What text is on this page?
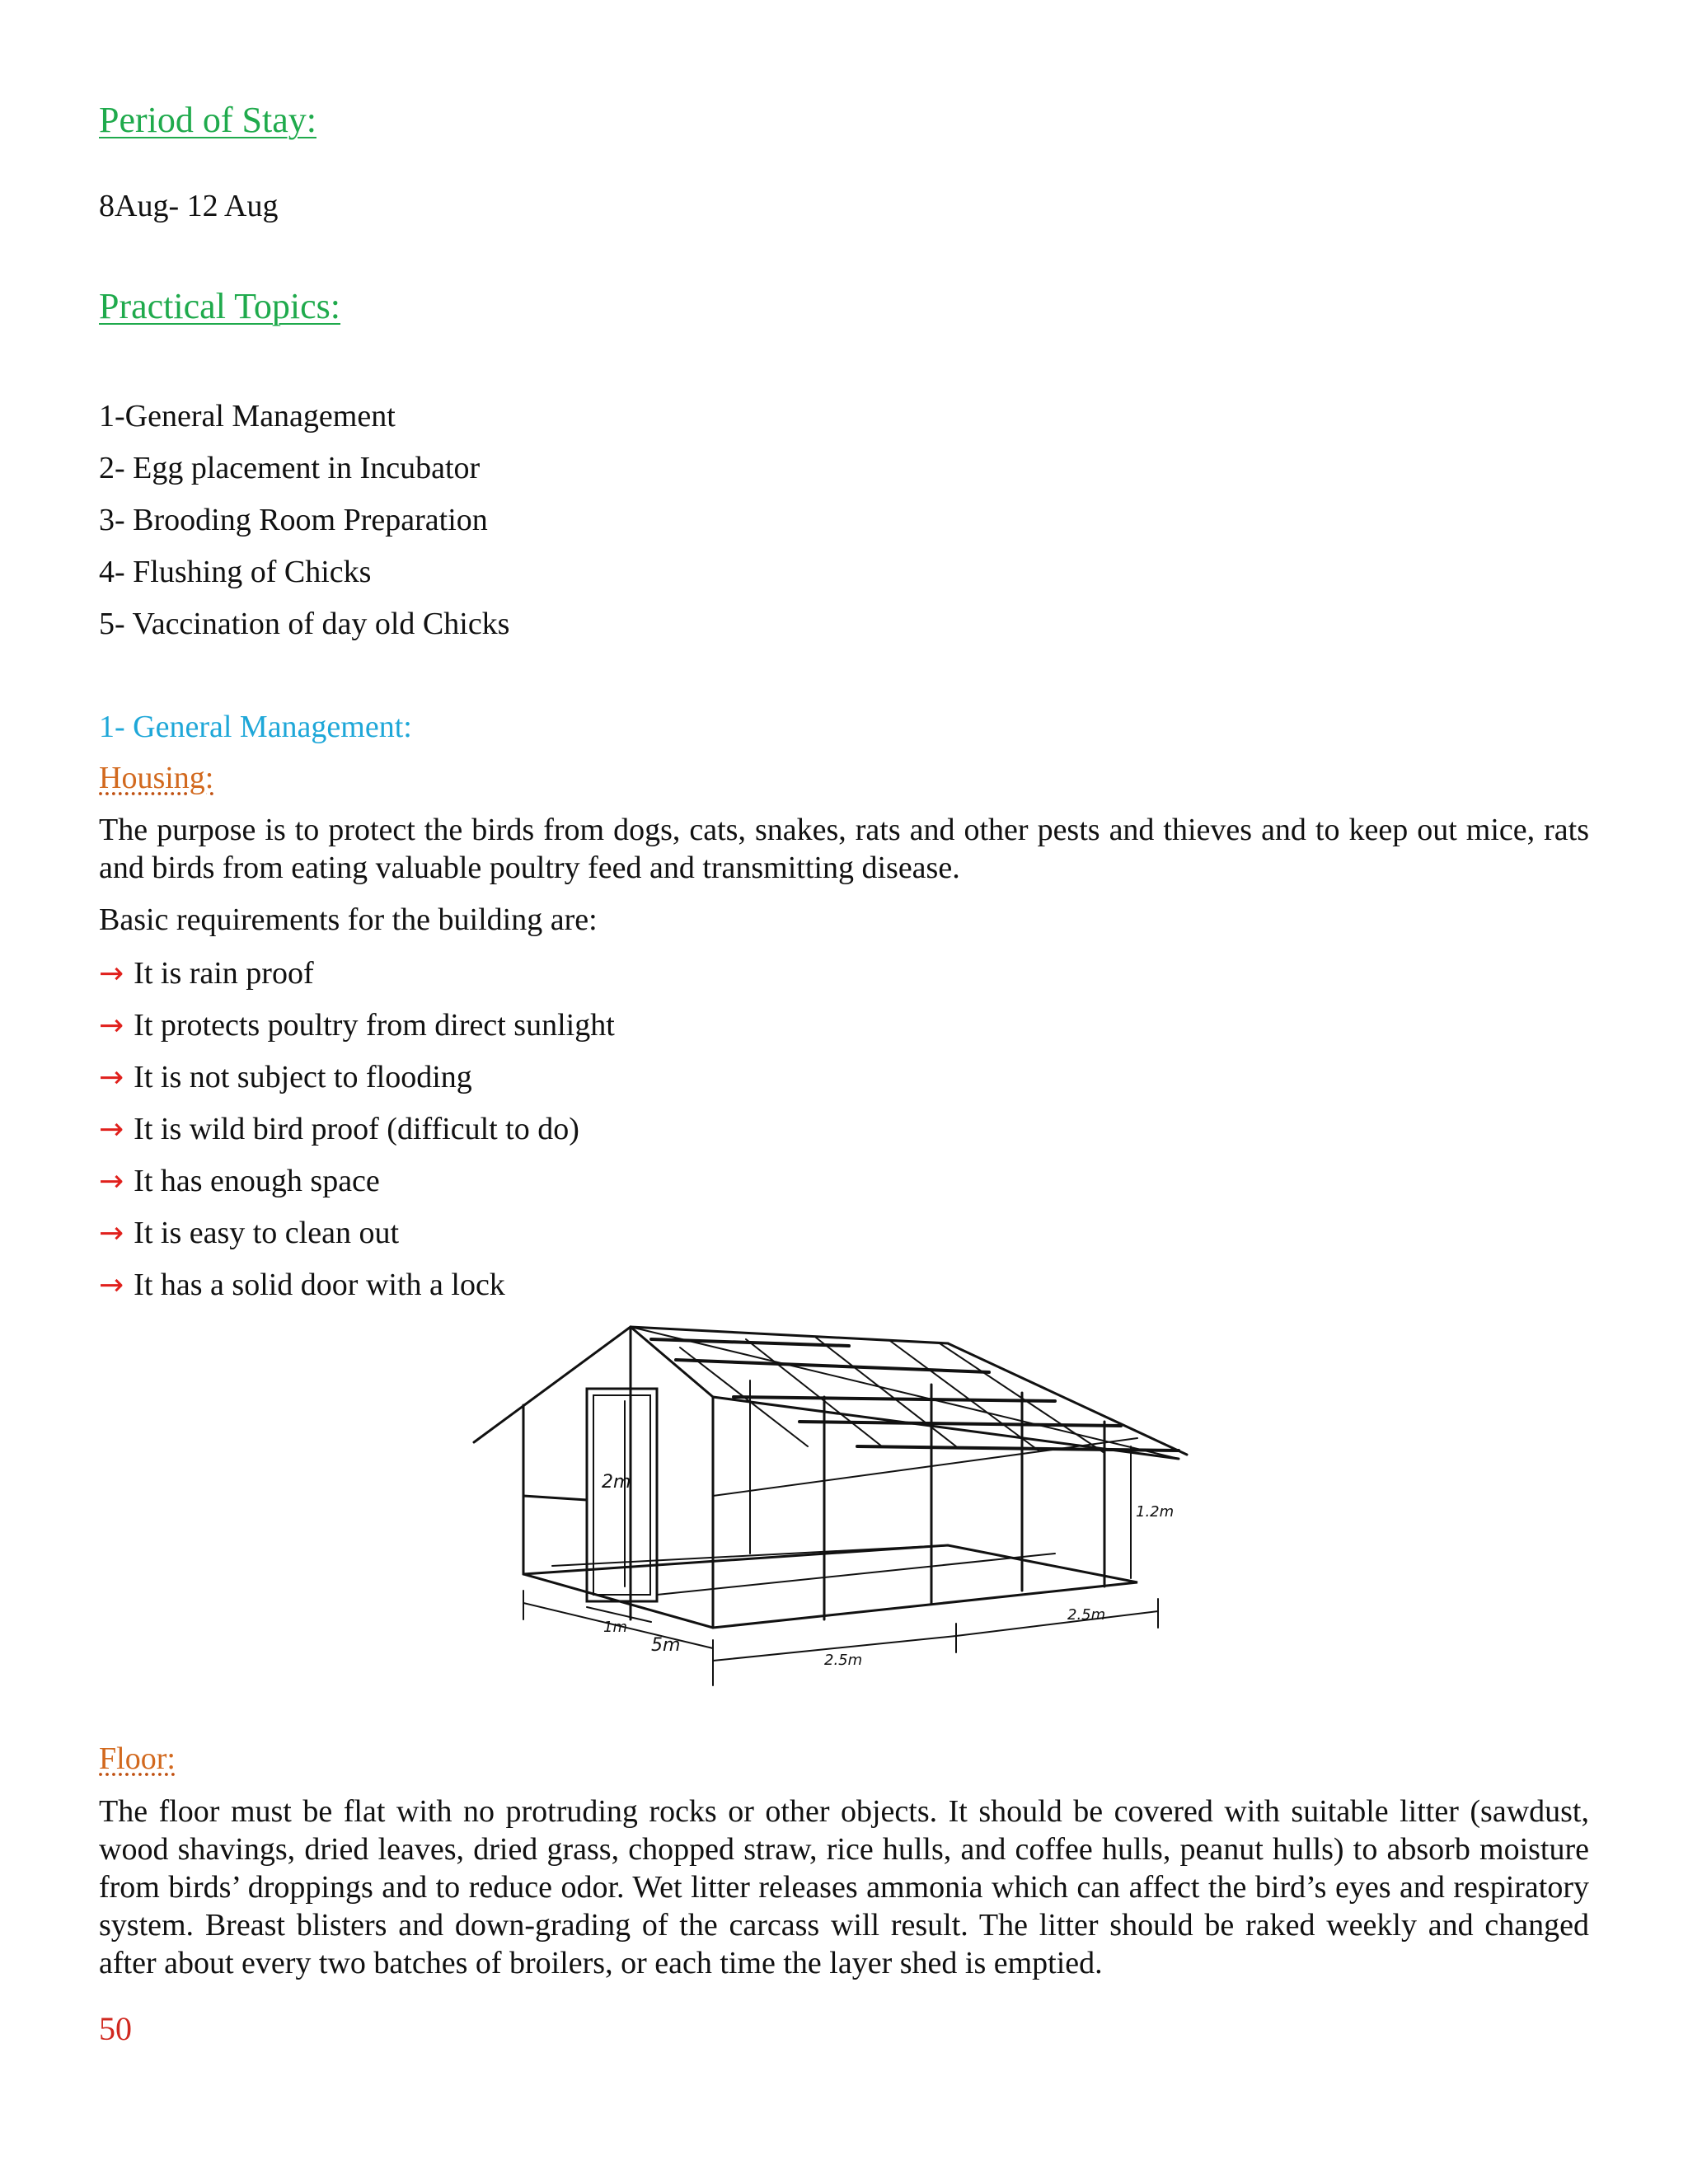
Period of Stay:

8Aug- 12 Aug

Practical Topics:
1-General Management
2- Egg placement in Incubator
3- Brooding Room Preparation
4- Flushing of Chicks
5- Vaccination of day old Chicks
1- General Management:
Housing:

The purpose is to protect the birds from dogs, cats, snakes, rats and other pests and thieves and to keep out mice, rats and birds from eating valuable poultry feed and transmitting disease.

Basic requirements for the building are:

→ It is rain proof
→ It protects poultry from direct sunlight
→ It is not subject to flooding
→ It is wild bird proof (difficult to do)
→ It has enough space
→ It is easy to clean out
→ It has a solid door with a lock
2m
1.2m
1m
5m
2.5m
2.5m
Floor:

The floor must be flat with no protruding rocks or other objects. It should be covered with suitable litter (sawdust, wood shavings, dried leaves, dried grass, chopped straw, rice hulls, and coffee hulls, peanut hulls) to absorb moisture from birds’ droppings and to reduce odor. Wet litter releases ammonia which can affect the bird’s eyes and respiratory system. Breast blisters and down-grading of the carcass will result. The litter should be raked weekly and changed after about every two batches of broilers, or each time the layer shed is emptied.

50
